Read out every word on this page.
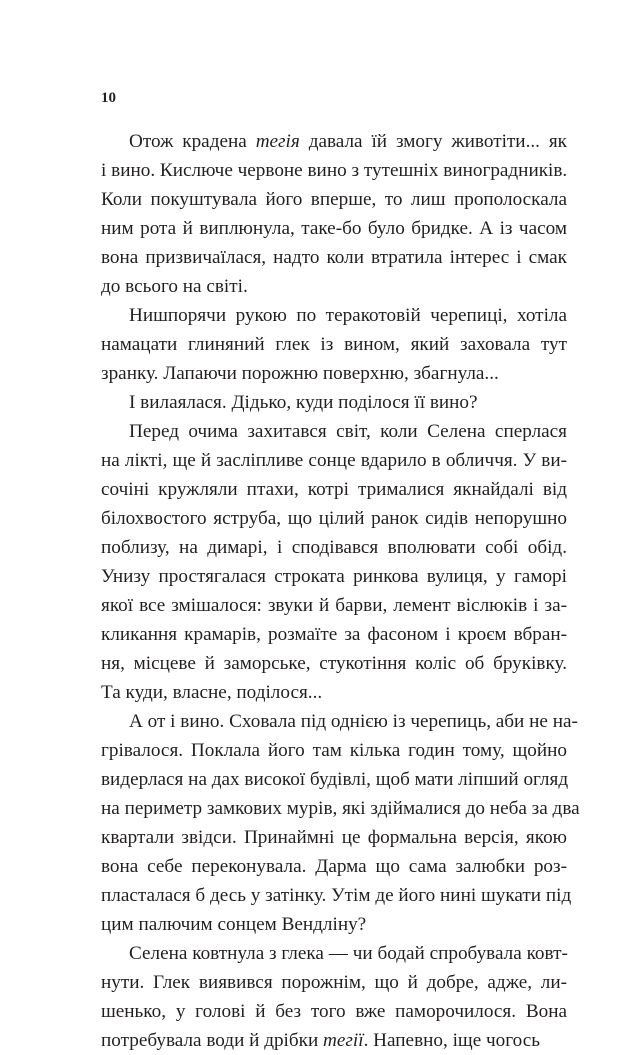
10
Отож крадена тегія давала їй змогу животіти... як
і вино. Кислюче червоне вино з тутешніх виноградників.
Коли покуштувала його вперше, то лиш прополоскала
ним рота й виплюнула, таке-бо було бридке. А із часом
вона призвичаїлася, надто коли втратила інтерес і смак
до всього на світі.
Нишпорячи рукою по теракотовій черепиці, хотіла
намацати глиняний глек із вином, який заховала тут
зранку. Лапаючи порожню поверхню, збагнула...
І вилаялася. Дідько, куди поділося її вино?
Перед очима захитався світ, коли Селена сперлася
на лікті, ще й засліпливе сонце вдарило в обличчя. У ви-
сочіні кружляли птахи, котрі трималися якнайдалі від
білохвостого яструба, що цілий ранок сидів непорушно
поблизу, на димарі, і сподівався вполювати собі обід.
Унизу простягалася строката ринкова вулиця, у гаморі
якої все змішалося: звуки й барви, лемент віслюків і за-
кликання крамарів, розмаїте за фасоном і кроєм вбран-
ня, місцеве й заморське, стукотіння коліс об бруківку.
Та куди, власне, поділося...
А от і вино. Сховала під однією із черепиць, аби не на-
грівалося. Поклала його там кілька годин тому, щойно
видерлася на дах високої будівлі, щоб мати ліпший огляд
на периметр замкових мурів, які здіймалися до неба за два
квартали звідси. Принаймні це формальна версія, якою
вона себе переконувала. Дарма що сама залюбки роз-
пласталася б десь у затінку. Утім де його нині шукати під
цим палючим сонцем Вендліну?
Селена ковтнула з глека — чи бодай спробувала ковт-
нути. Глек виявився порожнім, що й добре, адже, ли-
шенько, у голові й без того вже паморочилося. Вона
потребувала води й дрібки тегії. Напевно, іще чогось
